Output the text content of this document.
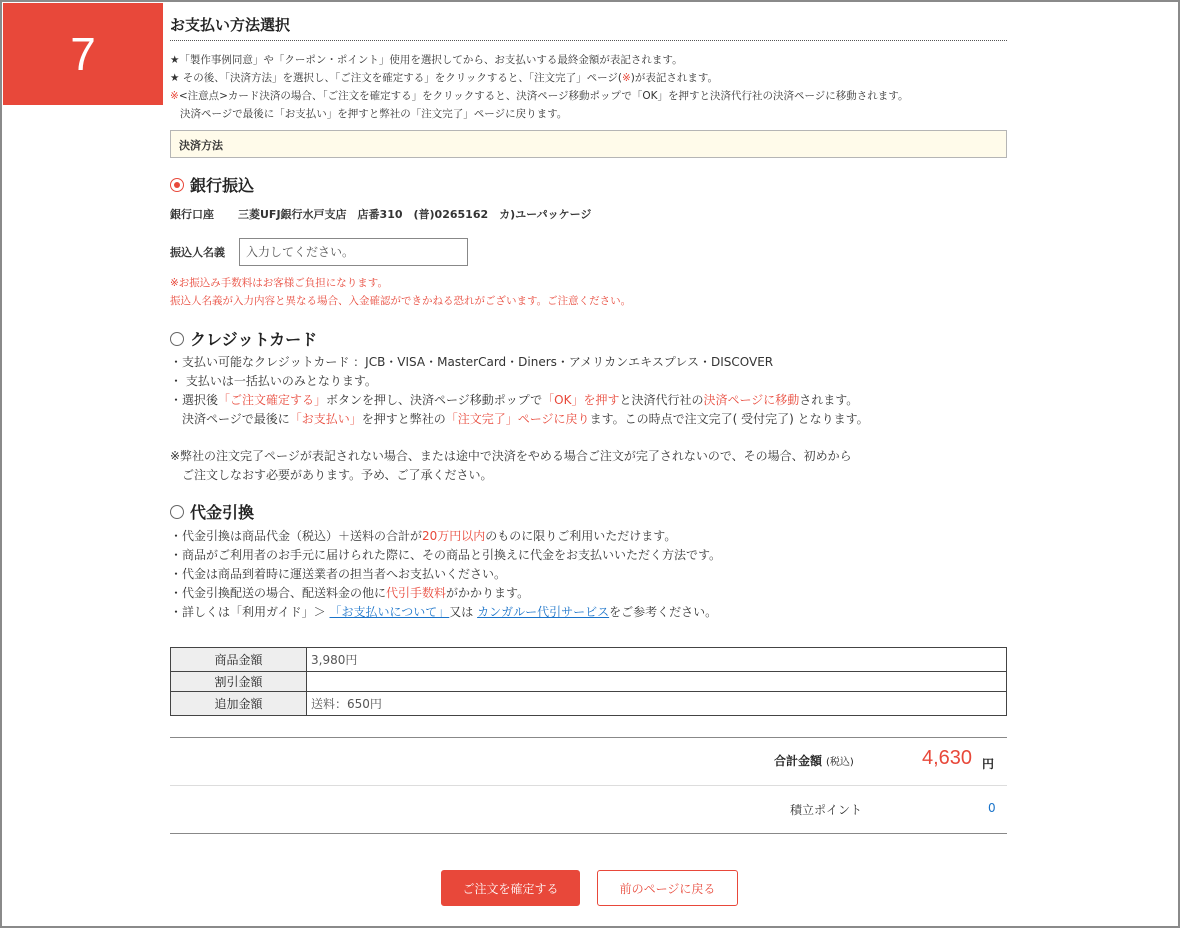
7
お支払い方法選択
★「製作事例同意」や「クーポン・ポイント」使用を選択してから、お支払いする最終金額が表記されます。
★ その後、「決済方法」を選択し、「ご注文を確定する」をクリックすると、「注文完了」ページ(※)が表記されます。
※<注意点>カード決済の場合、「ご注文を確定する」をクリックすると、決済ページ移動ポップで「OK」を押すと決済代行社の決済ページに移動されます。
決済ページで最後に「お支払い」を押すと弊社の「注文完了」ページに戻ります。
決済方法
銀行振込
銀行口座 三菱UFJ銀行水戸支店　店番310　(普)0265162　カ)ユーパッケージ
振込人名義
入力してください。
※お振込み手数料はお客様ご負担になります。
振込人名義が入力内容と異なる場合、入金確認ができかねる恐れがございます。ご注意ください。
クレジットカード
・支払い可能なクレジットカード ：JCB・VISA・MasterCard・Diners・アメリカンエキスプレス・DISCOVER
・ 支払いは一括払いのみとなります。
・選択後「ご注文確定する」ボタンを押し、決済ページ移動ポップで「OK」を押すと決済代行社の決済ページに移動されます。
決済ページで最後に「お支払い」を押すと弊社の「注文完了」ページに戻ります。この時点で注文完了( 受付完了) となります。
※弊社の注文完了ページが表記されない場合、または途中で決済をやめる場合ご注文が完了されないので、その場合、初めから
ご注文しなおす必要があります。予め、ご了承ください。
代金引換
・代金引換は商品代金（税込）＋送料の合計が20万円以内のものに限りご利用いただけます。
・商品がご利用者のお手元に届けられた際に、その商品と引換えに代金をお支払いいただく方法です。
・代金は商品到着時に運送業者の担当者へお支払いください。
・代金引換配送の場合、配送料金の他に代引手数料がかかります。
・詳しくは「利用ガイド」＞ 「お支払いについて」又は カンガルー代引サービスをご参考ください。
商品金額	3,980円
割引金額	
追加金額	送料：650円
合計金額 (税込)	4,630 円
積立ポイント	0
ご注文を確定する	前のページに戻る
